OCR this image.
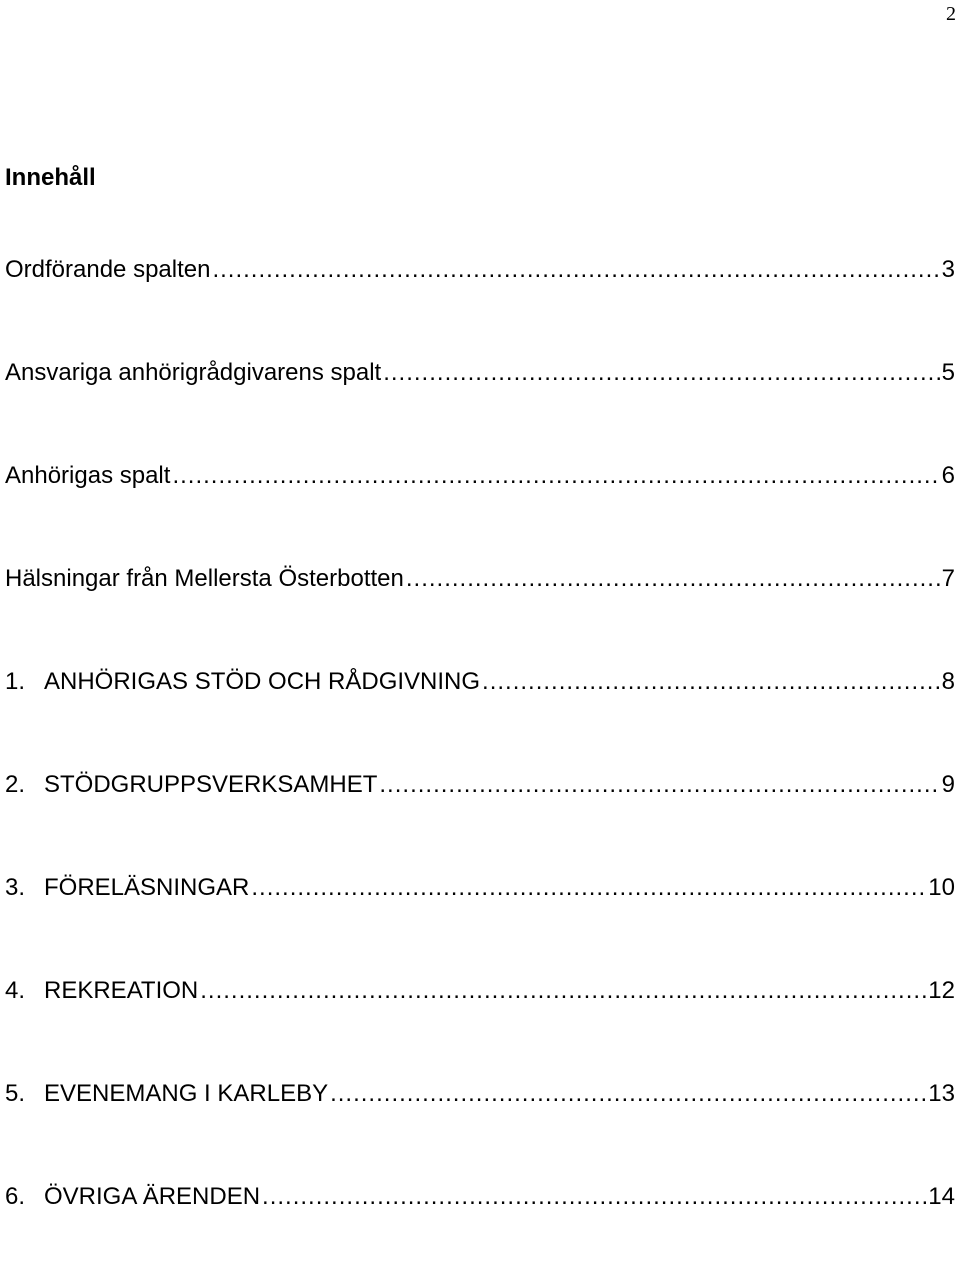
2
Innehåll
Ordförande spalten .....	3
Ansvariga anhörigrådgivarens spalt .....	5
Anhörigas spalt .....	6
Hälsningar från Mellersta Österbotten .....	7
1. ANHÖRIGAS STÖD OCH RÅDGIVNING .....	8
2. STÖDGRUPPSVERKSAMHET .....	9
3. FÖRELÄSNINGAR .....	10
4. REKREATION .....	12
5. EVENEMANG I KARLEBY .....	13
6. ÖVRIGA ÄRENDEN .....	14
